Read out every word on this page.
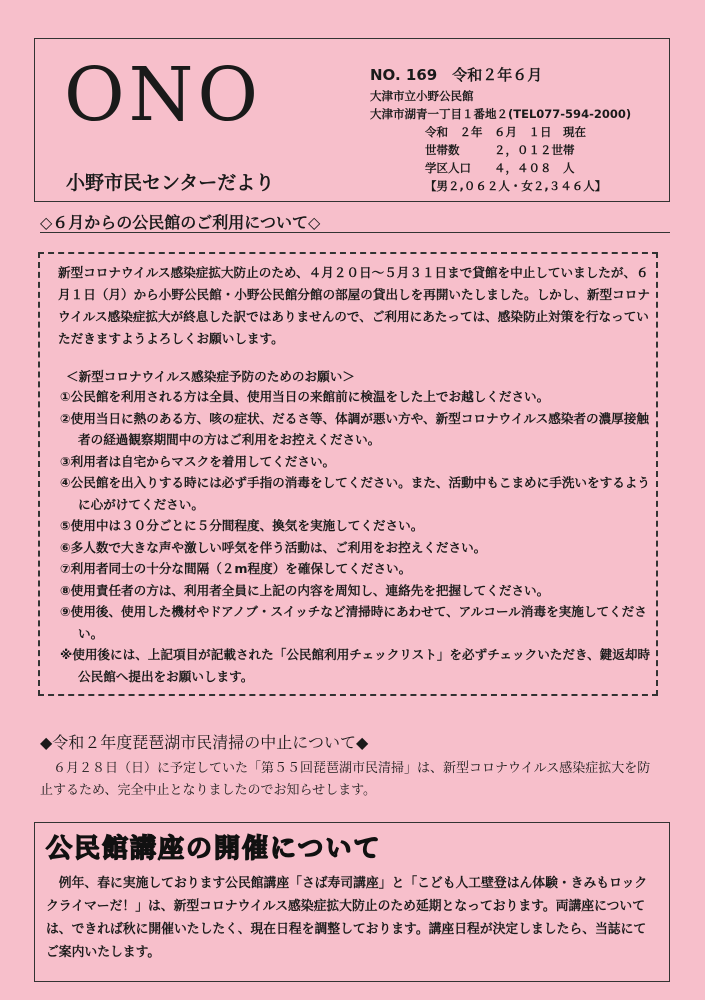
ONO
小野市民センターだより
NO. 169　令和２年６月
大津市立小野公民館
大津市湖青一丁目１番地２(TEL077-594-2000)
令和　２年　６月　１日　現在
世帯数　　　２，０１２世帯
学区人口　　４，４０８　人
【男２,０６２人・女２,３４６人】
◇６月からの公民館のご利用について◇
新型コロナウイルス感染症拡大防止のため、４月２０日～５月３１日まで貸館を中止していましたが、６月１日（月）から小野公民館・小野公民館分館の部屋の貸出しを再開いたしました。しかし、新型コロナウイルス感染症拡大が終息した訳ではありませんので、ご利用にあたっては、感染防止対策を行なっていただきますようよろしくお願いします。
＜新型コロナウイルス感染症予防のためのお願い＞
①公民館を利用される方は全員、使用当日の来館前に検温をした上でお越しください。
②使用当日に熱のある方、咳の症状、だるさ等、体調が悪い方や、新型コロナウイルス感染者の濃厚接触者の経過観察期間中の方はご利用をお控えください。
③利用者は自宅からマスクを着用してください。
④公民館を出入りする時には必ず手指の消毒をしてください。また、活動中もこまめに手洗いをするように心がけてください。
⑤使用中は３０分ごとに５分間程度、換気を実施してください。
⑥多人数で大きな声や激しい呼気を伴う活動は、ご利用をお控えください。
⑦利用者同士の十分な間隔（２m程度）を確保してください。
⑧使用責任者の方は、利用者全員に上記の内容を周知し、連絡先を把握してください。
⑨使用後、使用した機材やドアノブ・スイッチなど清掃時にあわせて、アルコール消毒を実施してください。
※使用後には、上記項目が記載された「公民館利用チェックリスト」を必ずチェックいただき、鍵返却時公民館へ提出をお願いします。
◆令和２年度琵琶湖市民清掃の中止について◆
６月２８日（日）に予定していた「第５５回琵琶湖市民清掃」は、新型コロナウイルス感染症拡大を防止するため、完全中止となりましたのでお知らせします。
公民館講座の開催について
例年、春に実施しております公民館講座「さば寿司講座」と「こども人工壁登はん体験・きみもロッククライマーだ！」は、新型コロナウイルス感染症拡大防止のため延期となっております。両講座については、できれば秋に開催いたしたく、現在日程を調整しております。講座日程が決定しましたら、当誌にてご案内いたします。
